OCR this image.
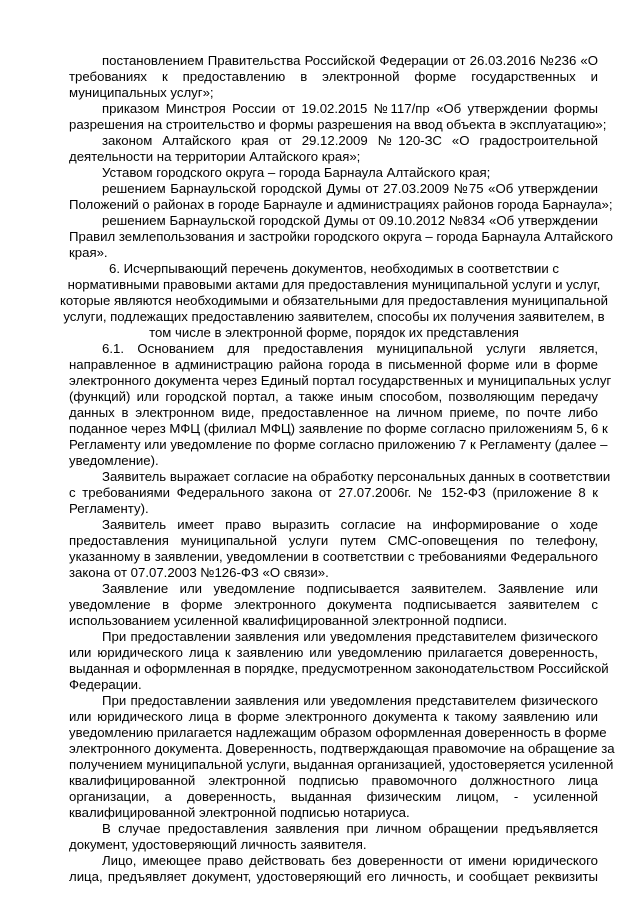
постановлением Правительства Российской Федерации от 26.03.2016 №236 «О
требованиях к предоставлению в электронной форме государственных и
муниципальных услуг»;
приказом Минстроя России от 19.02.2015 №117/пр «Об утверждении формы
разрешения на строительство и формы разрешения на ввод объекта в эксплуатацию»;
законом Алтайского края от 29.12.2009 №120-ЗС «О градостроительной
деятельности на территории Алтайского края»;
Уставом городского округа – города Барнаула Алтайского края;
решением Барнаульской городской Думы от 27.03.2009 №75 «Об утверждении
Положений о районах в городе Барнауле и администрациях районов города Барнаула»;
решением Барнаульской городской Думы от 09.10.2012 №834 «Об утверждении
Правил землепользования и застройки городского округа – города Барнаула Алтайского
края».
6. Исчерпывающий перечень документов, необходимых в соответствии с
нормативными правовыми актами для предоставления муниципальной услуги и услуг,
которые являются необходимыми и обязательными для предоставления муниципальной
услуги, подлежащих предоставлению заявителем, способы их получения заявителем, в
том числе в электронной форме, порядок их представления
6.1. Основанием для предоставления муниципальной услуги является,
направленное в администрацию района города в письменной форме или в форме
электронного документа через Единый портал государственных и муниципальных услуг
(функций) или городской портал, а также иным способом, позволяющим передачу
данных в электронном виде, предоставленное на личном приеме, по почте либо
поданное через МФЦ (филиал МФЦ) заявление по форме согласно приложениям 5, 6 к
Регламенту или уведомление по форме согласно приложению 7 к Регламенту (далее –
уведомление).
Заявитель выражает согласие на обработку персональных данных в соответствии
с требованиями Федерального закона от 27.07.2006г. № 152-ФЗ (приложение 8 к
Регламенту).
Заявитель имеет право выразить согласие на информирование о ходе
предоставления муниципальной услуги путем СМС-оповещения по телефону,
указанному в заявлении, уведомлении в соответствии с требованиями Федерального
закона от 07.07.2003 №126-ФЗ «О связи».
Заявление или уведомление подписывается заявителем. Заявление или
уведомление в форме электронного документа подписывается заявителем с
использованием усиленной квалифицированной электронной подписи.
При предоставлении заявления или уведомления представителем физического
или юридического лица к заявлению или уведомлению прилагается доверенность,
выданная и оформленная в порядке, предусмотренном законодательством Российской
Федерации.
При предоставлении заявления или уведомления представителем физического
или юридического лица в форме электронного документа к такому заявлению или
уведомлению прилагается надлежащим образом оформленная доверенность в форме
электронного документа. Доверенность, подтверждающая правомочие на обращение за
получением муниципальной услуги, выданная организацией, удостоверяется усиленной
квалифицированной электронной подписью правомочного должностного лица
организации, а доверенность, выданная физическим лицом, - усиленной
квалифицированной электронной подписью нотариуса.
В случае предоставления заявления при личном обращении предъявляется
документ, удостоверяющий личность заявителя.
Лицо, имеющее право действовать без доверенности от имени юридического
лица, предъявляет документ, удостоверяющий его личность, и сообщает реквизиты
